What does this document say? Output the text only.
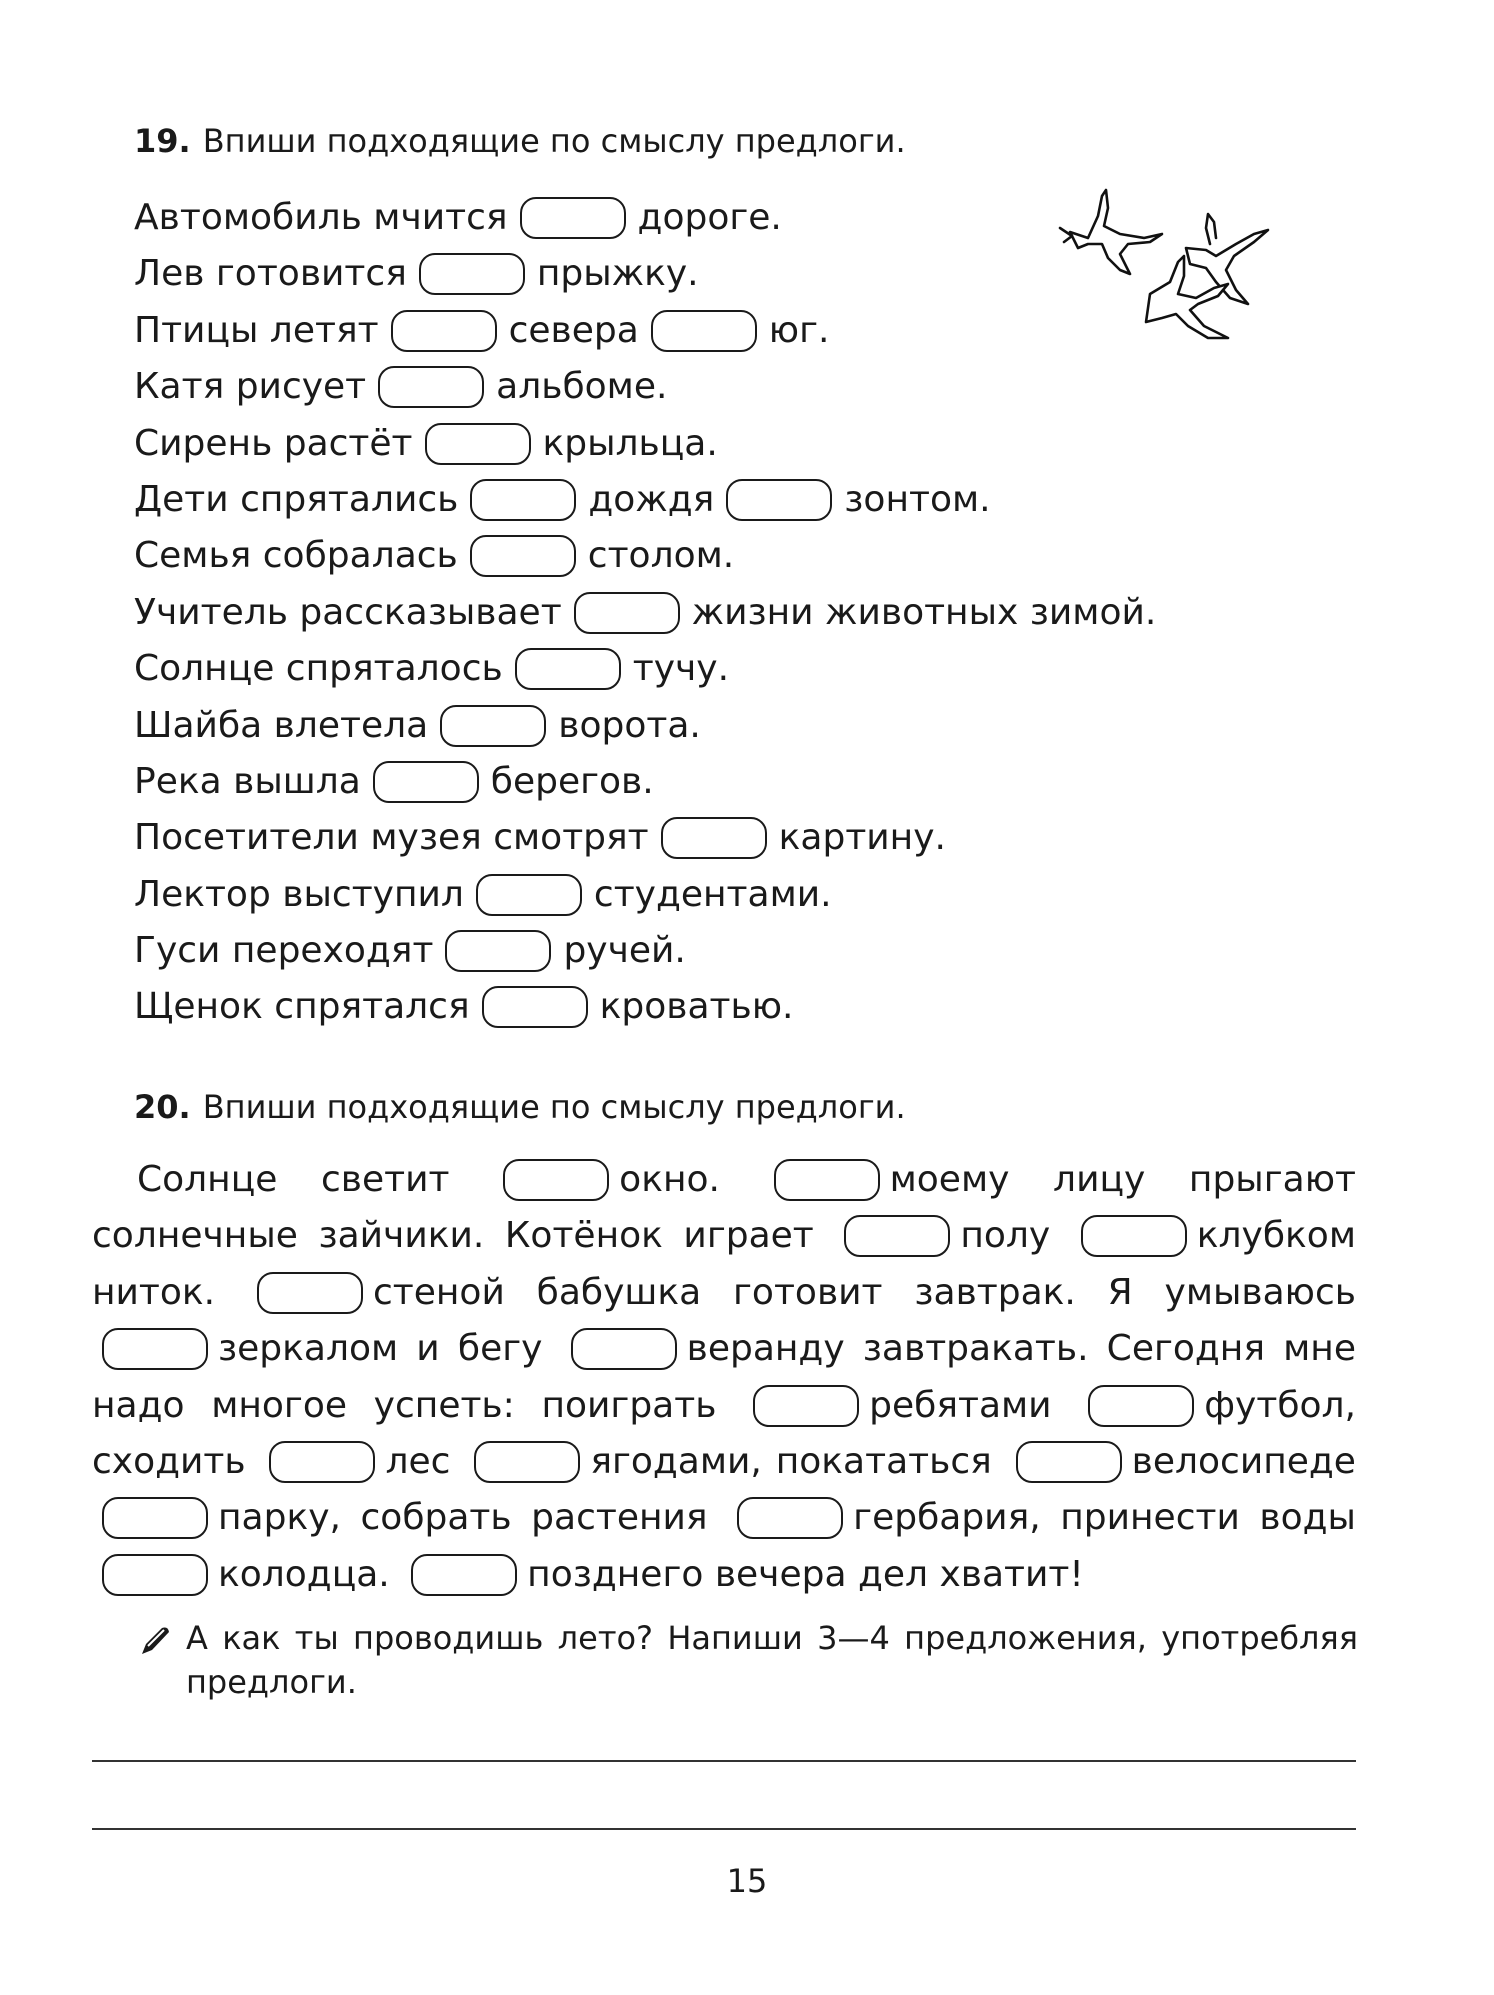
19. Впиши подходящие по смыслу предлоги.
Автомобиль мчится	дороге.
Лев готовится	прыжку.
Птицы летят	севера	юг.
Катя рисует	альбоме.
Сирень растёт	крыльца.
Дети спрятались	дождя	зонтом.
Семья собралась	столом.
Учитель рассказывает	жизни животных зимой.
Солнце спряталось	тучу.
Шайба влетела	ворота.
Река вышла	берегов.
Посетители музея смотрят	картину.
Лектор выступил	студентами.
Гуси переходят	ручей.
Щенок спрятался	кроватью.
20. Впиши подходящие по смыслу предлоги.
Солнце светит	окно.	моему лицу прыгают солнечные зайчики. Котёнок играет	полу	клубком ниток.	стеной бабушка готовит завтрак. Я умываюсь зеркалом и бегу	веранду завтракать. Сегодня мне надо многое успеть: поиграть	ребятами	футбол, сходить	лес	ягодами, покататься	велосипеде парку, собрать растения	гербария, принести воды колодца.	позднего вечера дел хватит!
А как ты проводишь лето? Напиши 3—4 предложения, употребляя предлоги.
15
